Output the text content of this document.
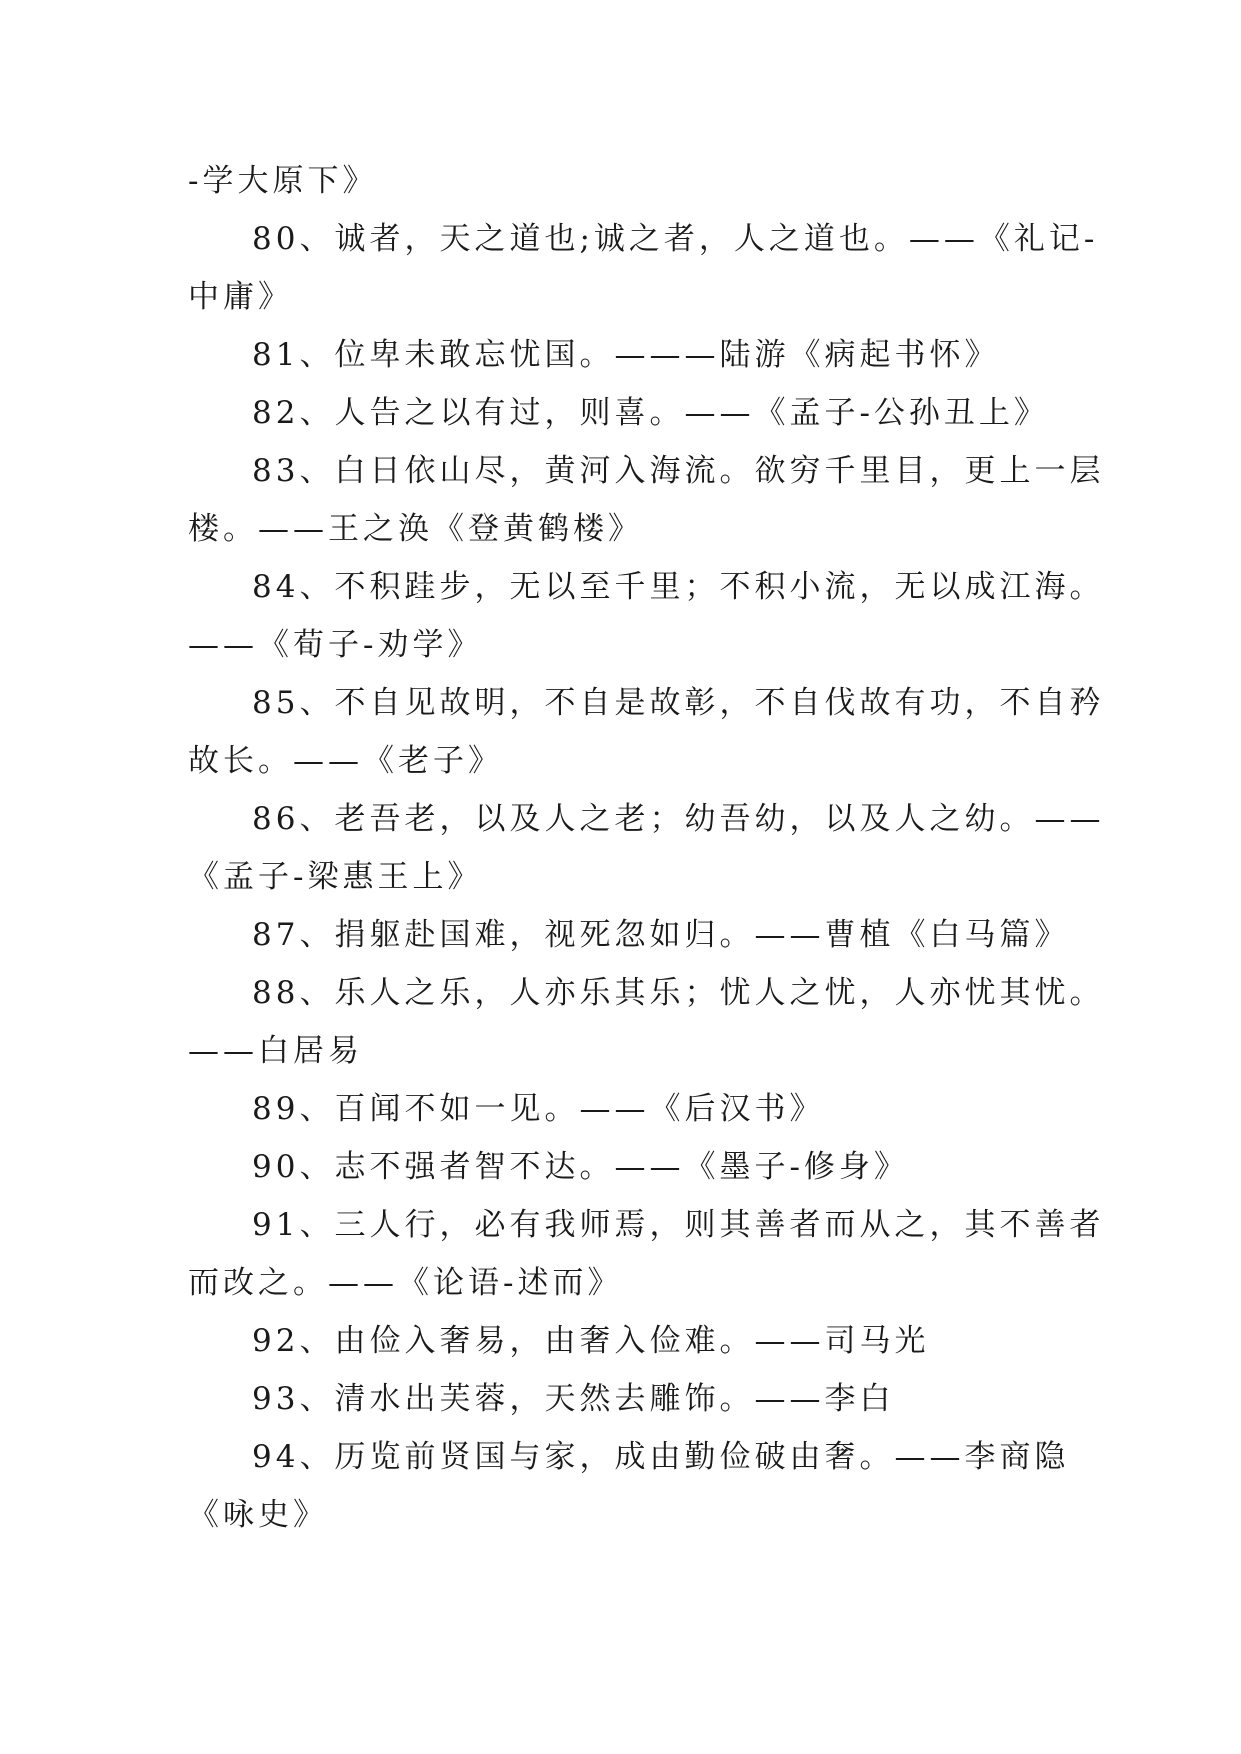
-学大原下》
80、诚者，天之道也;诚之者，人之道也。——《礼记-
中庸》
81、位卑未敢忘忧国。———陆游《病起书怀》
82、人告之以有过，则喜。——《孟子-公孙丑上》
83、白日依山尽，黄河入海流。欲穷千里目，更上一层
楼。——王之涣《登黄鹤楼》
84、不积跬步，无以至千里；不积小流，无以成江海。
——《荀子-劝学》
85、不自见故明，不自是故彰，不自伐故有功，不自矜
故长。——《老子》
86、老吾老，以及人之老；幼吾幼，以及人之幼。——
《孟子-梁惠王上》
87、捐躯赴国难，视死忽如归。——曹植《白马篇》
88、乐人之乐，人亦乐其乐；忧人之忧，人亦忧其忧。
——白居易
89、百闻不如一见。——《后汉书》
90、志不强者智不达。——《墨子-修身》
91、三人行，必有我师焉，则其善者而从之，其不善者
而改之。——《论语-述而》
92、由俭入奢易，由奢入俭难。——司马光
93、清水出芙蓉，天然去雕饰。——李白
94、历览前贤国与家，成由勤俭破由奢。——李商隐
《咏史》
